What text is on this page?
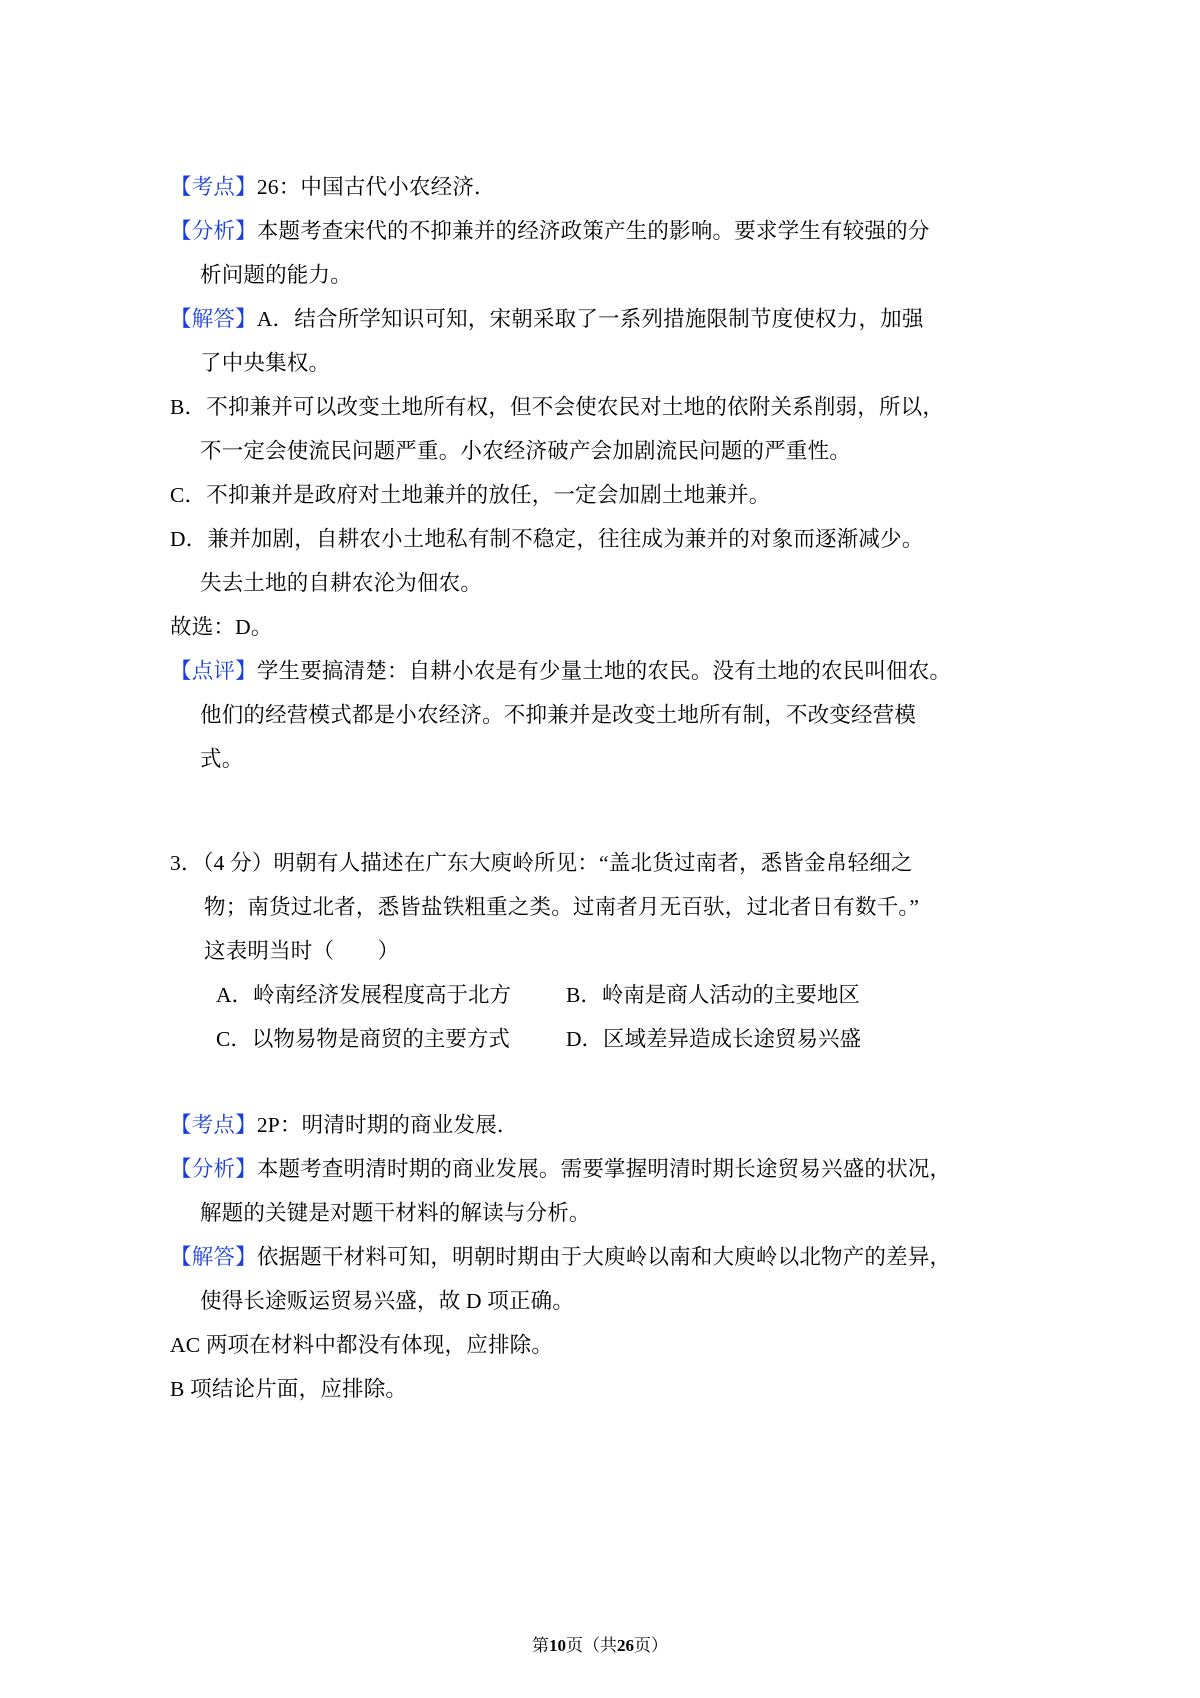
【考点】26：中国古代小农经济．
【分析】本题考查宋代的不抑兼并的经济政策产生的影响。要求学生有较强的分
析问题的能力。
【解答】A．结合所学知识可知，宋朝采取了一系列措施限制节度使权力，加强
了中央集权。
B．不抑兼并可以改变土地所有权，但不会使农民对土地的依附关系削弱，所以，
不一定会使流民问题严重。小农经济破产会加剧流民问题的严重性。
C．不抑兼并是政府对土地兼并的放任，一定会加剧土地兼并。
D．兼并加剧，自耕农小土地私有制不稳定，往往成为兼并的对象而逐渐减少。
失去土地的自耕农沦为佃农。
故选：D。
【点评】学生要搞清楚：自耕小农是有少量土地的农民。没有土地的农民叫佃农。
他们的经营模式都是小农经济。不抑兼并是改变土地所有制，不改变经营模
式。
3．（4 分）明朝有人描述在广东大庾岭所见：“盖北货过南者，悉皆金帛轻细之
物；南货过北者，悉皆盐铁粗重之类。过南者月无百驮，过北者日有数千。”
这表明当时（　　）
A．岭南经济发展程度高于北方	B．岭南是商人活动的主要地区
C．以物易物是商贸的主要方式	D．区域差异造成长途贸易兴盛
【考点】2P：明清时期的商业发展．
【分析】本题考查明清时期的商业发展。需要掌握明清时期长途贸易兴盛的状况，
解题的关键是对题干材料的解读与分析。
【解答】依据题干材料可知，明朝时期由于大庾岭以南和大庾岭以北物产的差异，
使得长途贩运贸易兴盛，故 D 项正确。
AC 两项在材料中都没有体现，应排除。
B 项结论片面，应排除。
第10页（共26页）
